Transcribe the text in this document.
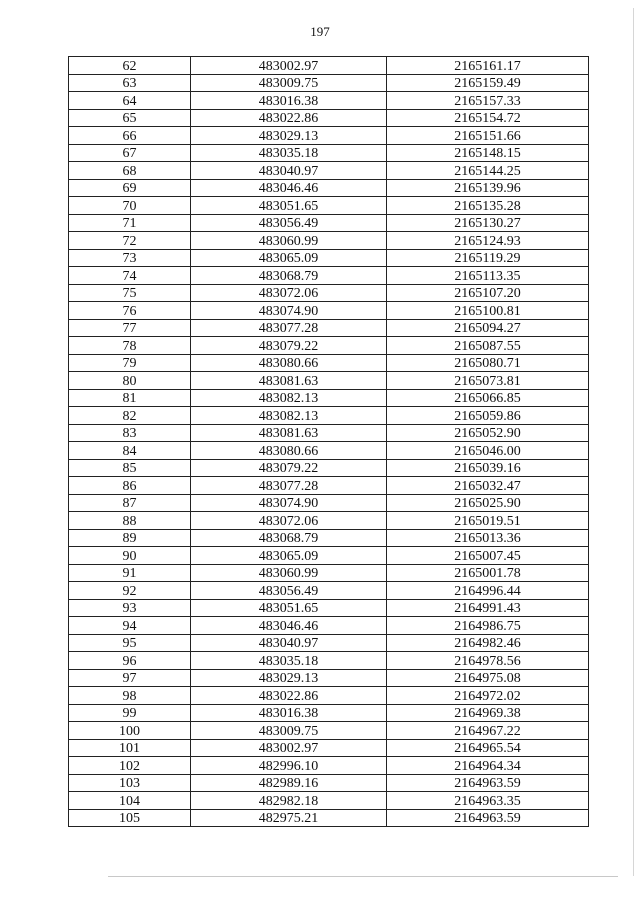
197
62	483002.97	2165161.17
63	483009.75	2165159.49
64	483016.38	2165157.33
65	483022.86	2165154.72
66	483029.13	2165151.66
67	483035.18	2165148.15
68	483040.97	2165144.25
69	483046.46	2165139.96
70	483051.65	2165135.28
71	483056.49	2165130.27
72	483060.99	2165124.93
73	483065.09	2165119.29
74	483068.79	2165113.35
75	483072.06	2165107.20
76	483074.90	2165100.81
77	483077.28	2165094.27
78	483079.22	2165087.55
79	483080.66	2165080.71
80	483081.63	2165073.81
81	483082.13	2165066.85
82	483082.13	2165059.86
83	483081.63	2165052.90
84	483080.66	2165046.00
85	483079.22	2165039.16
86	483077.28	2165032.47
87	483074.90	2165025.90
88	483072.06	2165019.51
89	483068.79	2165013.36
90	483065.09	2165007.45
91	483060.99	2165001.78
92	483056.49	2164996.44
93	483051.65	2164991.43
94	483046.46	2164986.75
95	483040.97	2164982.46
96	483035.18	2164978.56
97	483029.13	2164975.08
98	483022.86	2164972.02
99	483016.38	2164969.38
100	483009.75	2164967.22
101	483002.97	2164965.54
102	482996.10	2164964.34
103	482989.16	2164963.59
104	482982.18	2164963.35
105	482975.21	2164963.59
